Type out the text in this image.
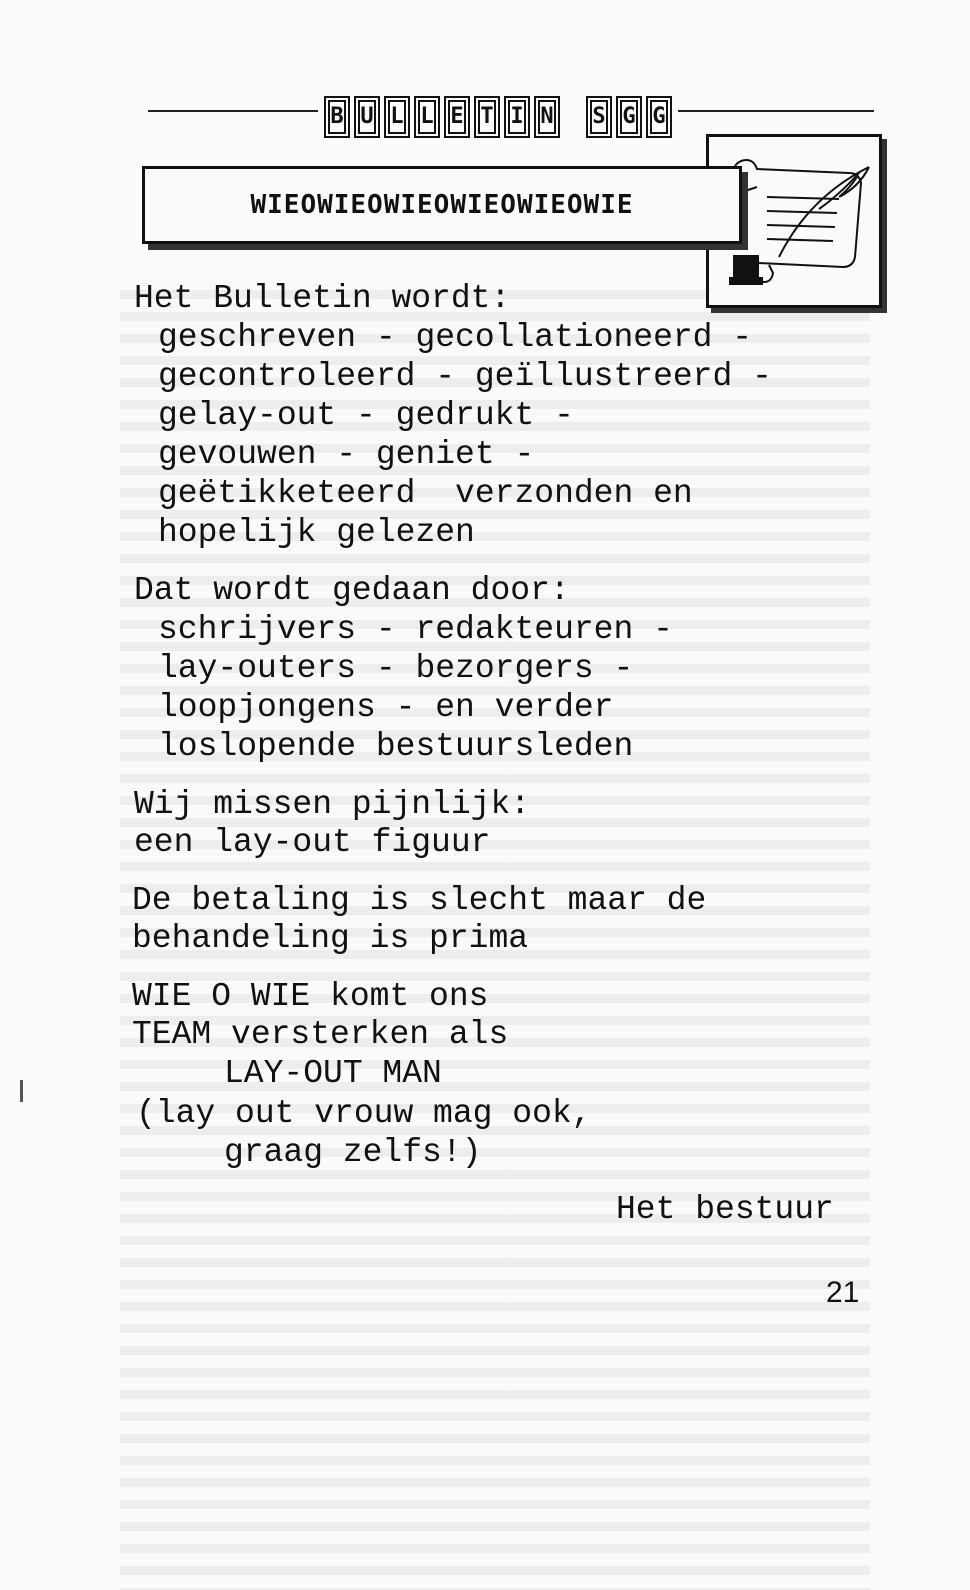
B U L L E T I N S G G
WIEOWIEOWIEOWIEOWIEOWIE
Het Bulletin wordt:
geschreven - gecollationeerd -
gecontroleerd - geïllustreerd -
gelay-out - gedrukt -
gevouwen - geniet -
geëtikketeerd  verzonden en
hopelijk gelezen
Dat wordt gedaan door:
schrijvers - redakteuren -
lay-outers - bezorgers -
loopjongens - en verder
loslopende bestuursleden
Wij missen pijnlijk:
een lay-out figuur
De betaling is slecht maar de
behandeling is prima
WIE O WIE komt ons
TEAM versterken als
LAY-OUT MAN
(lay out vrouw mag ook,
graag zelfs!)
Het bestuur
21
